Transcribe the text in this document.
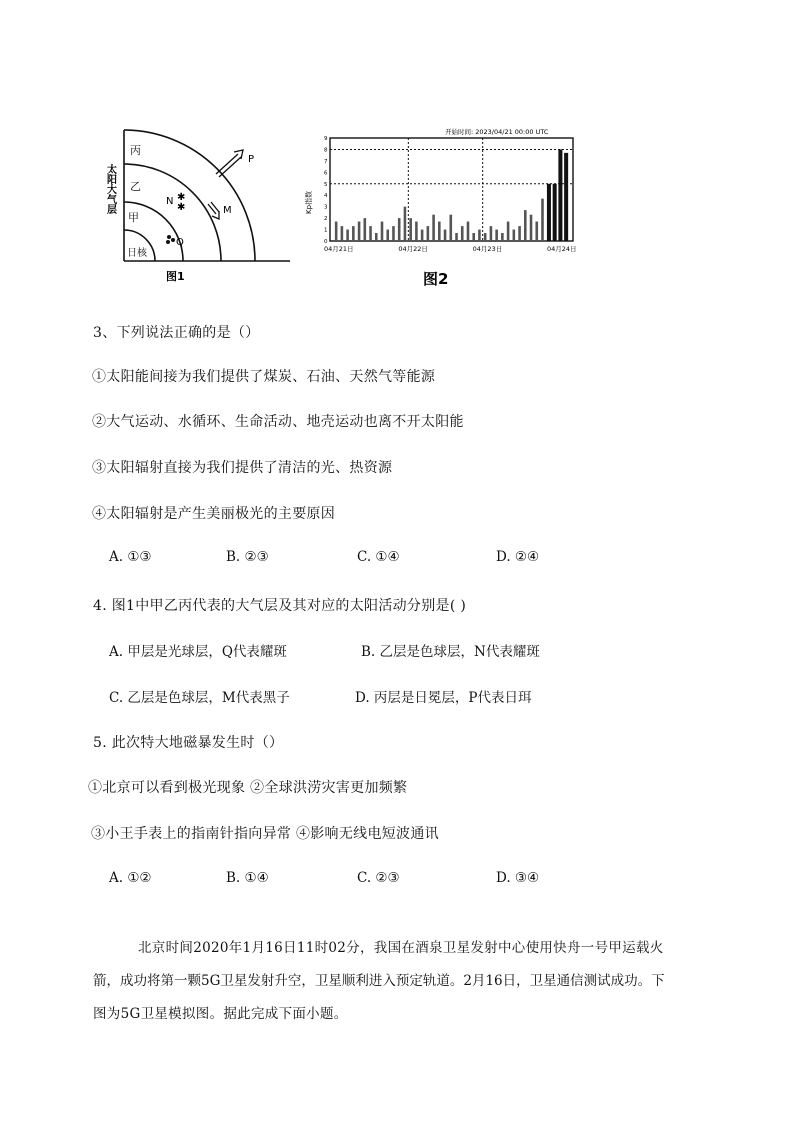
丙
乙
甲
日核
太阳大气层
P
M
N ✱
✱
Q
图1
开始时间: 2023/04/21 00:00 UTC
Kp指数
0
1
2
3
4
5
6
7
8
9
04月21日	04月22日	04月23日	04月24日
图2
3、下列说法正确的是（）
①太阳能间接为我们提供了煤炭、石油、天然气等能源
②大气运动、水循环、生命活动、地壳运动也离不开太阳能
③太阳辐射直接为我们提供了清洁的光、热资源
④太阳辐射是产生美丽极光的主要原因
A. ①③	B. ②③	C. ①④	D. ②④
4. 图1中甲乙丙代表的大气层及其对应的太阳活动分别是( )
A. 甲层是光球层，Q代表耀斑	B. 乙层是色球层，N代表耀斑
C. 乙层是色球层，M代表黑子	D. 丙层是日冕层，P代表日珥
5. 此次特大地磁暴发生时（）
①北京可以看到极光现象 ②全球洪涝灾害更加频繁
③小王手表上的指南针指向异常 ④影响无线电短波通讯
A. ①②	B. ①④	C. ②③	D. ③④
北京时间2020年1月16日11时02分，我国在酒泉卫星发射中心使用快舟一号甲运载火
箭，成功将第一颗5G卫星发射升空，卫星顺利进入预定轨道。2月16日，卫星通信测试成功。下
图为5G卫星模拟图。据此完成下面小题。
